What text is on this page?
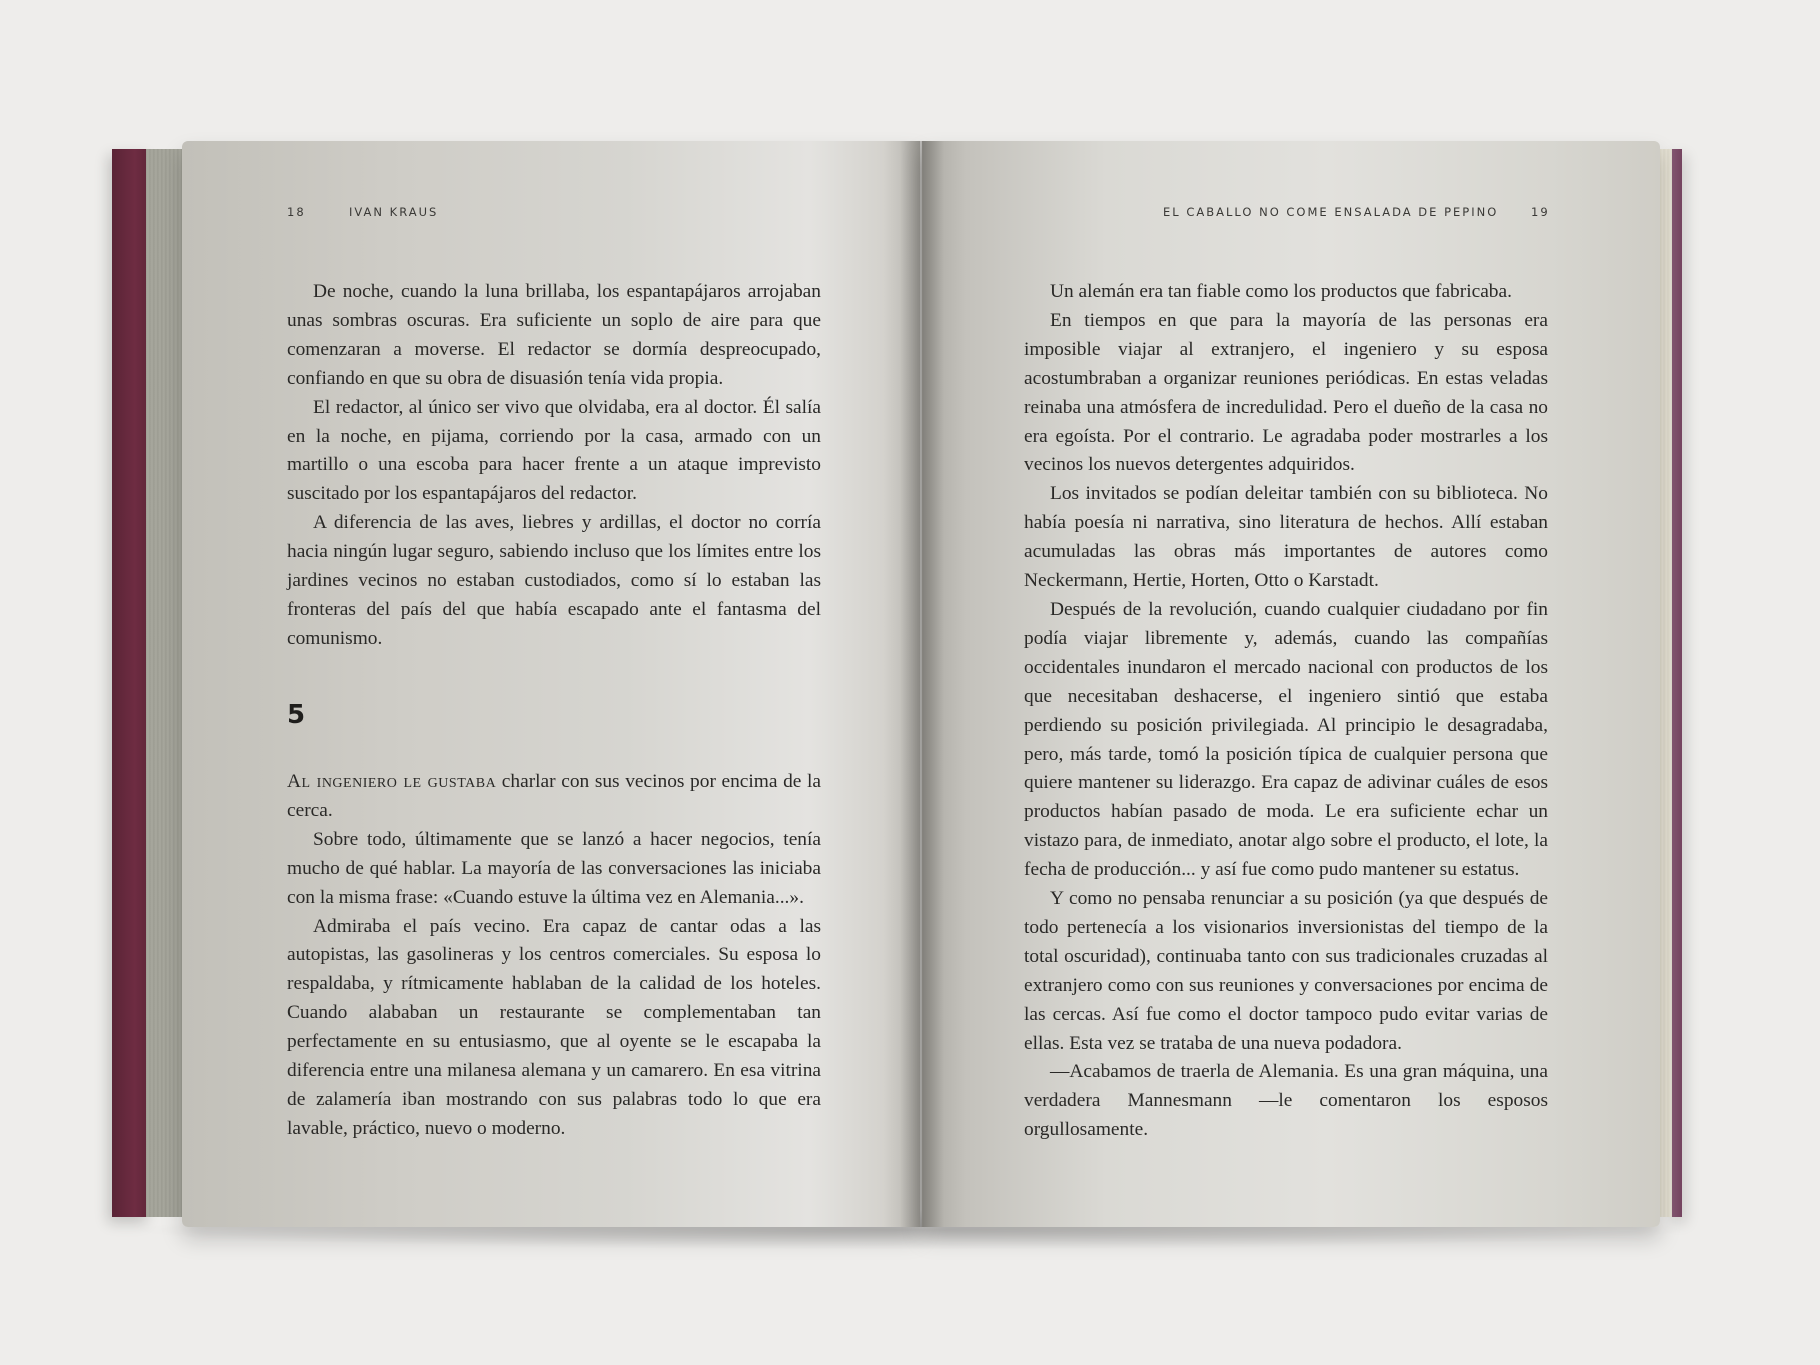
18	IVAN KRAUS	EL CABALLO NO COME ENSALADA DE PEPINO	19

De noche, cuando la luna brillaba, los espantapájaros arrojaban unas sombras oscuras. Era suficiente un soplo de aire para que comenzaran a moverse. El redactor se dormía despreocupado, confiando en que su obra de disuasión tenía vida propia.

El redactor, al único ser vivo que olvidaba, era al doctor. Él salía en la noche, en pijama, corriendo por la casa, armado con un martillo o una escoba para hacer frente a un ataque imprevisto suscitado por los espantapájaros del redactor.

A diferencia de las aves, liebres y ardillas, el doctor no corría hacia ningún lugar seguro, sabiendo incluso que los límites entre los jardines vecinos no estaban custodiados, como sí lo estaban las fronteras del país del que había escapado ante el fantasma del comunismo.

5

Al ingeniero le gustaba charlar con sus vecinos por encima de la cerca.

Sobre todo, últimamente que se lanzó a hacer negocios, tenía mucho de qué hablar. La mayoría de las conversaciones las iniciaba con la misma frase: «Cuando estuve la última vez en Alemania...».

Admiraba el país vecino. Era capaz de cantar odas a las autopistas, las gasolineras y los centros comerciales. Su esposa lo respaldaba, y rítmicamente hablaban de la calidad de los hoteles. Cuando alababan un restaurante se complementaban tan perfectamente en su entusiasmo, que al oyente se le escapaba la diferencia entre una milanesa alemana y un camarero. En esa vitrina de zalamería iban mostrando con sus palabras todo lo que era lavable, práctico, nuevo o moderno.

Un alemán era tan fiable como los productos que fabricaba.

En tiempos en que para la mayoría de las personas era imposible viajar al extranjero, el ingeniero y su esposa acostumbraban a organizar reuniones periódicas. En estas veladas reinaba una atmósfera de incredulidad. Pero el dueño de la casa no era egoísta. Por el contrario. Le agradaba poder mostrarles a los vecinos los nuevos detergentes adquiridos.

Los invitados se podían deleitar también con su biblioteca. No había poesía ni narrativa, sino literatura de hechos. Allí estaban acumuladas las obras más importantes de autores como Neckermann, Hertie, Horten, Otto o Karstadt.

Después de la revolución, cuando cualquier ciudadano por fin podía viajar libremente y, además, cuando las compañías occidentales inundaron el mercado nacional con productos de los que necesitaban deshacerse, el ingeniero sintió que estaba perdiendo su posición privilegiada. Al principio le desagradaba, pero, más tarde, tomó la posición típica de cualquier persona que quiere mantener su liderazgo. Era capaz de adivinar cuáles de esos productos habían pasado de moda. Le era suficiente echar un vistazo para, de inmediato, anotar algo sobre el producto, el lote, la fecha de producción... y así fue como pudo mantener su estatus.

Y como no pensaba renunciar a su posición (ya que después de todo pertenecía a los visionarios inversionistas del tiempo de la total oscuridad), continuaba tanto con sus tradicionales cruzadas al extranjero como con sus reuniones y conversaciones por encima de las cercas. Así fue como el doctor tampoco pudo evitar varias de ellas. Esta vez se trataba de una nueva podadora.

—Acabamos de traerla de Alemania. Es una gran máquina, una verdadera Mannesmann —le comentaron los esposos orgullosamente.
